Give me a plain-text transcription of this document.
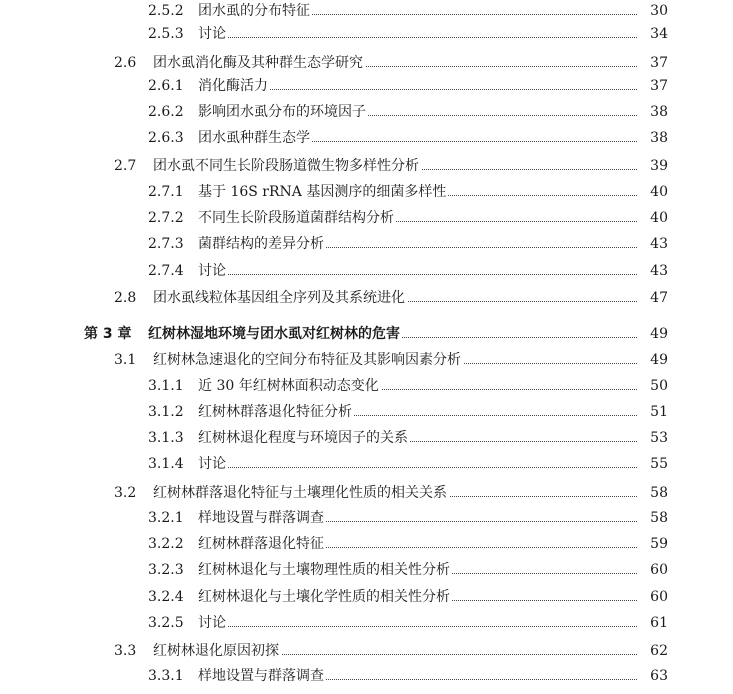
2.5.2 团水虱的分布特征	30
2.5.3 讨论	34
2.6 团水虱消化酶及其种群生态学研究	37
2.6.1 消化酶活力	37
2.6.2 影响团水虱分布的环境因子	38
2.6.3 团水虱种群生态学	38
2.7 团水虱不同生长阶段肠道微生物多样性分析	39
2.7.1 基于 16S rRNA 基因测序的细菌多样性	40
2.7.2 不同生长阶段肠道菌群结构分析	40
2.7.3 菌群结构的差异分析	43
2.7.4 讨论	43
2.8 团水虱线粒体基因组全序列及其系统进化	47
第 3 章 红树林湿地环境与团水虱对红树林的危害	49
3.1 红树林急速退化的空间分布特征及其影响因素分析	49
3.1.1 近 30 年红树林面积动态变化	50
3.1.2 红树林群落退化特征分析	51
3.1.3 红树林退化程度与环境因子的关系	53
3.1.4 讨论	55
3.2 红树林群落退化特征与土壤理化性质的相关关系	58
3.2.1 样地设置与群落调查	58
3.2.2 红树林群落退化特征	59
3.2.3 红树林退化与土壤物理性质的相关性分析	60
3.2.4 红树林退化与土壤化学性质的相关性分析	60
3.2.5 讨论	61
3.3 红树林退化原因初探	62
3.3.1 样地设置与群落调查	63
